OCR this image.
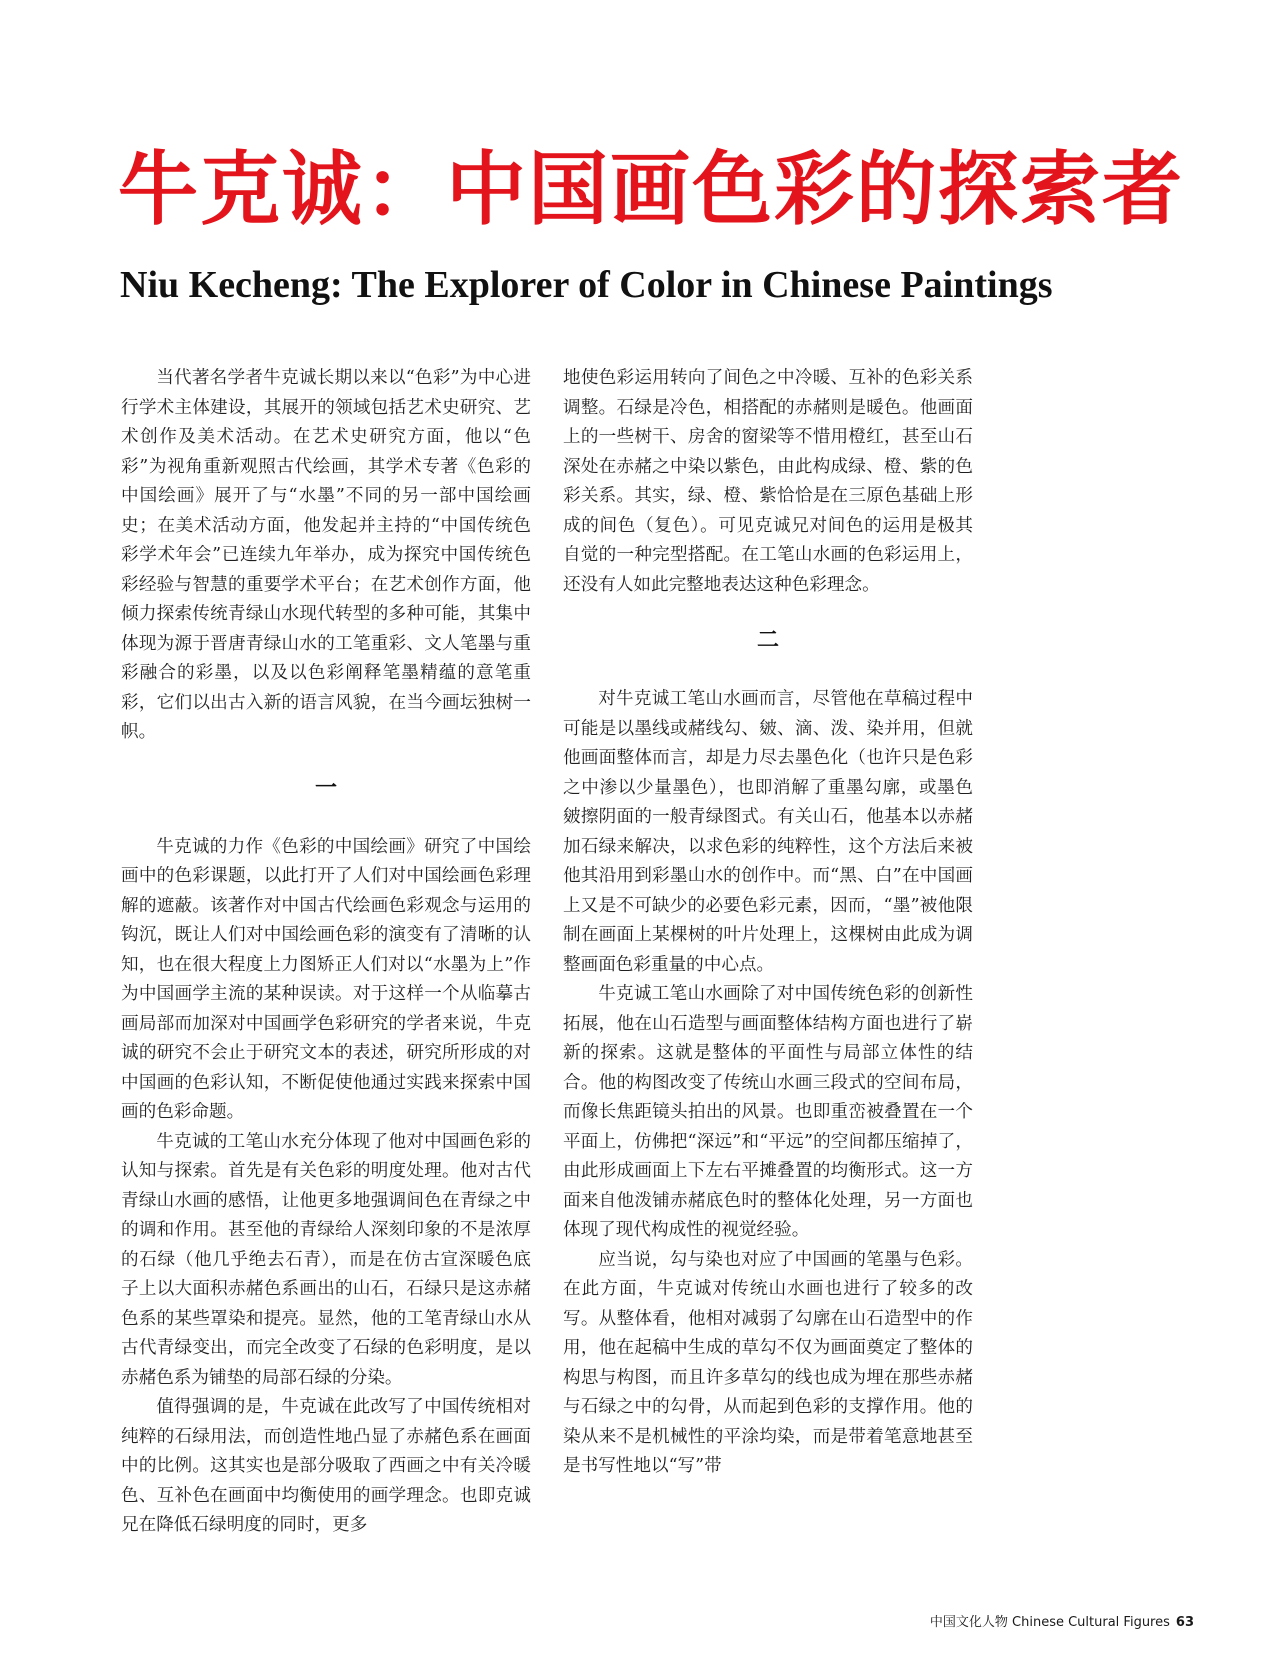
牛克诚：中国画色彩的探索者
Niu Kecheng: The Explorer of Color in Chinese Paintings

当代著名学者牛克诚长期以来以“色彩”为中心进行学术主体建设，其展开的领域包括艺术史研究、艺术创作及美术活动。在艺术史研究方面，他以“色彩”为视角重新观照古代绘画，其学术专著《色彩的中国绘画》展开了与“水墨”不同的另一部中国绘画史；在美术活动方面，他发起并主持的“中国传统色彩学术年会”已连续九年举办，成为探究中国传统色彩经验与智慧的重要学术平台；在艺术创作方面，他倾力探索传统青绿山水现代转型的多种可能，其集中体现为源于晋唐青绿山水的工笔重彩、文人笔墨与重彩融合的彩墨，以及以色彩阐释笔墨精蕴的意笔重彩，它们以出古入新的语言风貌，在当今画坛独树一帜。

一

牛克诚的力作《色彩的中国绘画》研究了中国绘画中的色彩课题，以此打开了人们对中国绘画色彩理解的遮蔽。该著作对中国古代绘画色彩观念与运用的钩沉，既让人们对中国绘画色彩的演变有了清晰的认知，也在很大程度上力图矫正人们对以“水墨为上”作为中国画学主流的某种误读。对于这样一个从临摹古画局部而加深对中国画学色彩研究的学者来说，牛克诚的研究不会止于研究文本的表述，研究所形成的对中国画的色彩认知，不断促使他通过实践来探索中国画的色彩命题。

牛克诚的工笔山水充分体现了他对中国画色彩的认知与探索。首先是有关色彩的明度处理。他对古代青绿山水画的感悟，让他更多地强调间色在青绿之中的调和作用。甚至他的青绿给人深刻印象的不是浓厚的石绿（他几乎绝去石青），而是在仿古宣深暖色底子上以大面积赤赭色系画出的山石，石绿只是这赤赭色系的某些罩染和提亮。显然，他的工笔青绿山水从古代青绿变出，而完全改变了石绿的色彩明度，是以赤赭色系为铺垫的局部石绿的分染。

值得强调的是，牛克诚在此改写了中国传统相对纯粹的石绿用法，而创造性地凸显了赤赭色系在画面中的比例。这其实也是部分吸取了西画之中有关冷暖色、互补色在画面中均衡使用的画学理念。也即克诚兄在降低石绿明度的同时，更多

地使色彩运用转向了间色之中冷暖、互补的色彩关系调整。石绿是冷色，相搭配的赤赭则是暖色。他画面上的一些树干、房舍的窗梁等不惜用橙红，甚至山石深处在赤赭之中染以紫色，由此构成绿、橙、紫的色彩关系。其实，绿、橙、紫恰恰是在三原色基础上形成的间色（复色）。可见克诚兄对间色的运用是极其自觉的一种完型搭配。在工笔山水画的色彩运用上，还没有人如此完整地表达这种色彩理念。

二

对牛克诚工笔山水画而言，尽管他在草稿过程中可能是以墨线或赭线勾、皴、滴、泼、染并用，但就他画面整体而言，却是力尽去墨色化（也许只是色彩之中渗以少量墨色），也即消解了重墨勾廓，或墨色皴擦阴面的一般青绿图式。有关山石，他基本以赤赭加石绿来解决，以求色彩的纯粹性，这个方法后来被他其沿用到彩墨山水的创作中。而“黑、白”在中国画上又是不可缺少的必要色彩元素，因而，“墨”被他限制在画面上某棵树的叶片处理上，这棵树由此成为调整画面色彩重量的中心点。

牛克诚工笔山水画除了对中国传统色彩的创新性拓展，他在山石造型与画面整体结构方面也进行了崭新的探索。这就是整体的平面性与局部立体性的结合。他的构图改变了传统山水画三段式的空间布局，而像长焦距镜头拍出的风景。也即重峦被叠置在一个平面上，仿佛把“深远”和“平远”的空间都压缩掉了，由此形成画面上下左右平摊叠置的均衡形式。这一方面来自他泼铺赤赭底色时的整体化处理，另一方面也体现了现代构成性的视觉经验。

应当说，勾与染也对应了中国画的笔墨与色彩。在此方面，牛克诚对传统山水画也进行了较多的改写。从整体看，他相对减弱了勾廓在山石造型中的作用，他在起稿中生成的草勾不仅为画面奠定了整体的构思与构图，而且许多草勾的线也成为埋在那些赤赭与石绿之中的勾骨，从而起到色彩的支撑作用。他的染从来不是机械性的平涂均染，而是带着笔意地甚至是书写性地以“写”带

中国文化人物 Chinese Cultural Figures 63
